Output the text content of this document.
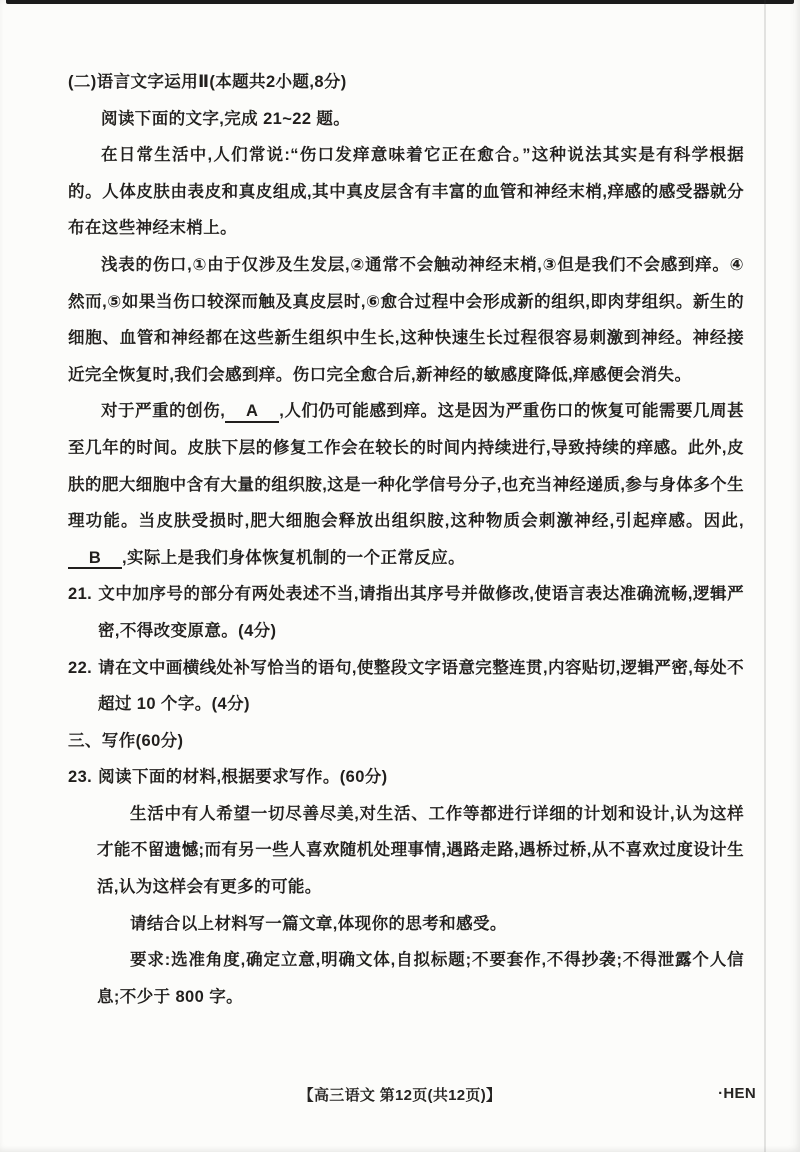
(二)语言文字运用Ⅱ(本题共2小题,8分)

阅读下面的文字,完成 21~22 题。

在日常生活中,人们常说:“伤口发痒意味着它正在愈合。”这种说法其实是有科学根据的。人体皮肤由表皮和真皮组成,其中真皮层含有丰富的血管和神经末梢,痒感的感受器就分布在这些神经末梢上。

浅表的伤口,①由于仅涉及生发层,②通常不会触动神经末梢,③但是我们不会感到痒。④然而,⑤如果当伤口较深而触及真皮层时,⑥愈合过程中会形成新的组织,即肉芽组织。新生的细胞、血管和神经都在这些新生组织中生长,这种快速生长过程很容易刺激到神经。神经接近完全恢复时,我们会感到痒。伤口完全愈合后,新神经的敏感度降低,痒感便会消失。

对于严重的创伤, A ,人们仍可能感到痒。这是因为严重伤口的恢复可能需要几周甚至几年的时间。皮肤下层的修复工作会在较长的时间内持续进行,导致持续的痒感。此外,皮肤的肥大细胞中含有大量的组织胺,这是一种化学信号分子,也充当神经递质,参与身体多个生理功能。当皮肤受损时,肥大细胞会释放出组织胺,这种物质会刺激神经,引起痒感。因此,B ,实际上是我们身体恢复机制的一个正常反应。

21. 文中加序号的部分有两处表述不当,请指出其序号并做修改,使语言表达准确流畅,逻辑严密,不得改变原意。(4分)

22. 请在文中画横线处补写恰当的语句,使整段文字语意完整连贯,内容贴切,逻辑严密,每处不超过 10 个字。(4分)

三、写作(60分)

23. 阅读下面的材料,根据要求写作。(60分)

生活中有人希望一切尽善尽美,对生活、工作等都进行详细的计划和设计,认为这样才能不留遗憾;而有另一些人喜欢随机处理事情,遇路走路,遇桥过桥,从不喜欢过度设计生活,认为这样会有更多的可能。

请结合以上材料写一篇文章,体现你的思考和感受。

要求:选准角度,确定立意,明确文体,自拟标题;不要套作,不得抄袭;不得泄露个人信息;不少于 800 字。

【高三语文 第12页(共12页)】	·HEN
